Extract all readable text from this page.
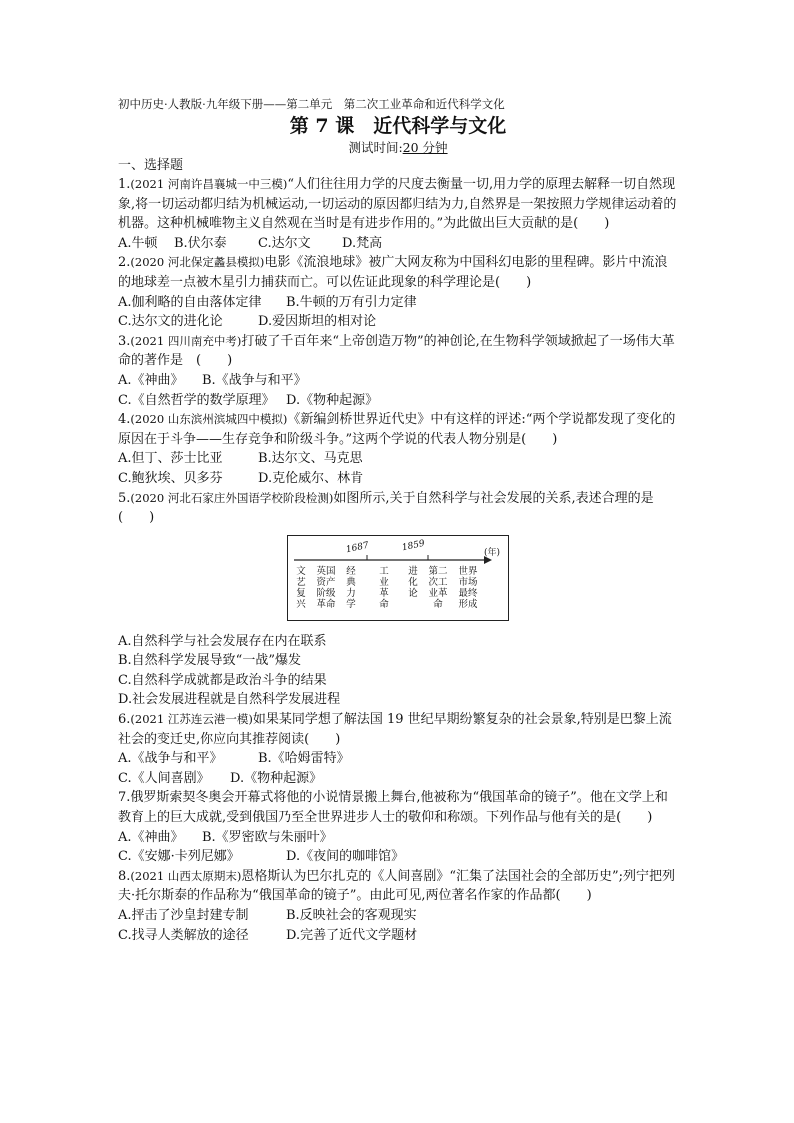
初中历史·人教版·九年级下册——第二单元　第二次工业革命和近代科学文化
第 7 课　近代科学与文化
测试时间:20 分钟
一、选择题
1.(2021 河南许昌襄城一中三模)“人们往往用力学的尺度去衡量一切,用力学的原理去解释一切自然现象,将一切运动都归结为机械运动,一切运动的原因都归结为力,自然界是一架按照力学规律运动着的机器。这种机械唯物主义自然观在当时是有进步作用的。”为此做出巨大贡献的是(　　)
A.牛顿	B.伏尔泰	C.达尔文	D.梵高
2.(2020 河北保定蠡县模拟)电影《流浪地球》被广大网友称为中国科幻电影的里程碑。影片中流浪的地球差一点被木星引力捕获而亡。可以佐证此现象的科学理论是(　　)
A.伽利略的自由落体定律	B.牛顿的万有引力定律
C.达尔文的进化论	D.爱因斯坦的相对论
3.(2021 四川南充中考)打破了千百年来“上帝创造万物”的神创论,在生物科学领域掀起了一场伟大革命的著作是　(　　)
A.《神曲》	B.《战争与和平》
C.《自然哲学的数学原理》 D.《物种起源》
4.(2020 山东滨州滨城四中模拟)《新编剑桥世界近代史》中有这样的评述:“两个学说都发现了变化的原因在于斗争——生存竞争和阶级斗争。”这两个学说的代表人物分别是(　　)
A.但丁、莎士比亚	B.达尔文、马克思
C.鲍狄埃、贝多芬	D.克伦威尔、林肯
5.(2020 河北石家庄外国语学校阶段检测)如图所示,关于自然科学与社会发展的关系,表述合理的是(　　)
1687	1859	(年)
文艺复兴
英国资产阶级革命
经典力学
工业革命
进化论
第二次工业革命
世界市场最终形成
A.自然科学与社会发展存在内在联系
B.自然科学发展导致“一战”爆发
C.自然科学成就都是政治斗争的结果
D.社会发展进程就是自然科学发展进程
6.(2021 江苏连云港一模)如果某同学想了解法国 19 世纪早期纷繁复杂的社会景象,特别是巴黎上流社会的变迁史,你应向其推荐阅读(　　)
A.《战争与和平》	B.《哈姆雷特》
C.《人间喜剧》	D.《物种起源》
7.俄罗斯索契冬奥会开幕式将他的小说情景搬上舞台,他被称为“俄国革命的镜子”。他在文学上和教育上的巨大成就,受到俄国乃至全世界进步人士的敬仰和称颂。下列作品与他有关的是(　　)
A.《神曲》	B.《罗密欧与朱丽叶》
C.《安娜·卡列尼娜》	D.《夜间的咖啡馆》
8.(2021 山西太原期末)恩格斯认为巴尔扎克的《人间喜剧》“汇集了法国社会的全部历史”;列宁把列夫·托尔斯泰的作品称为“俄国革命的镜子”。由此可见,两位著名作家的作品都(　　)
A.抨击了沙皇封建专制	B.反映社会的客观现实
C.找寻人类解放的途径	D.完善了近代文学题材
